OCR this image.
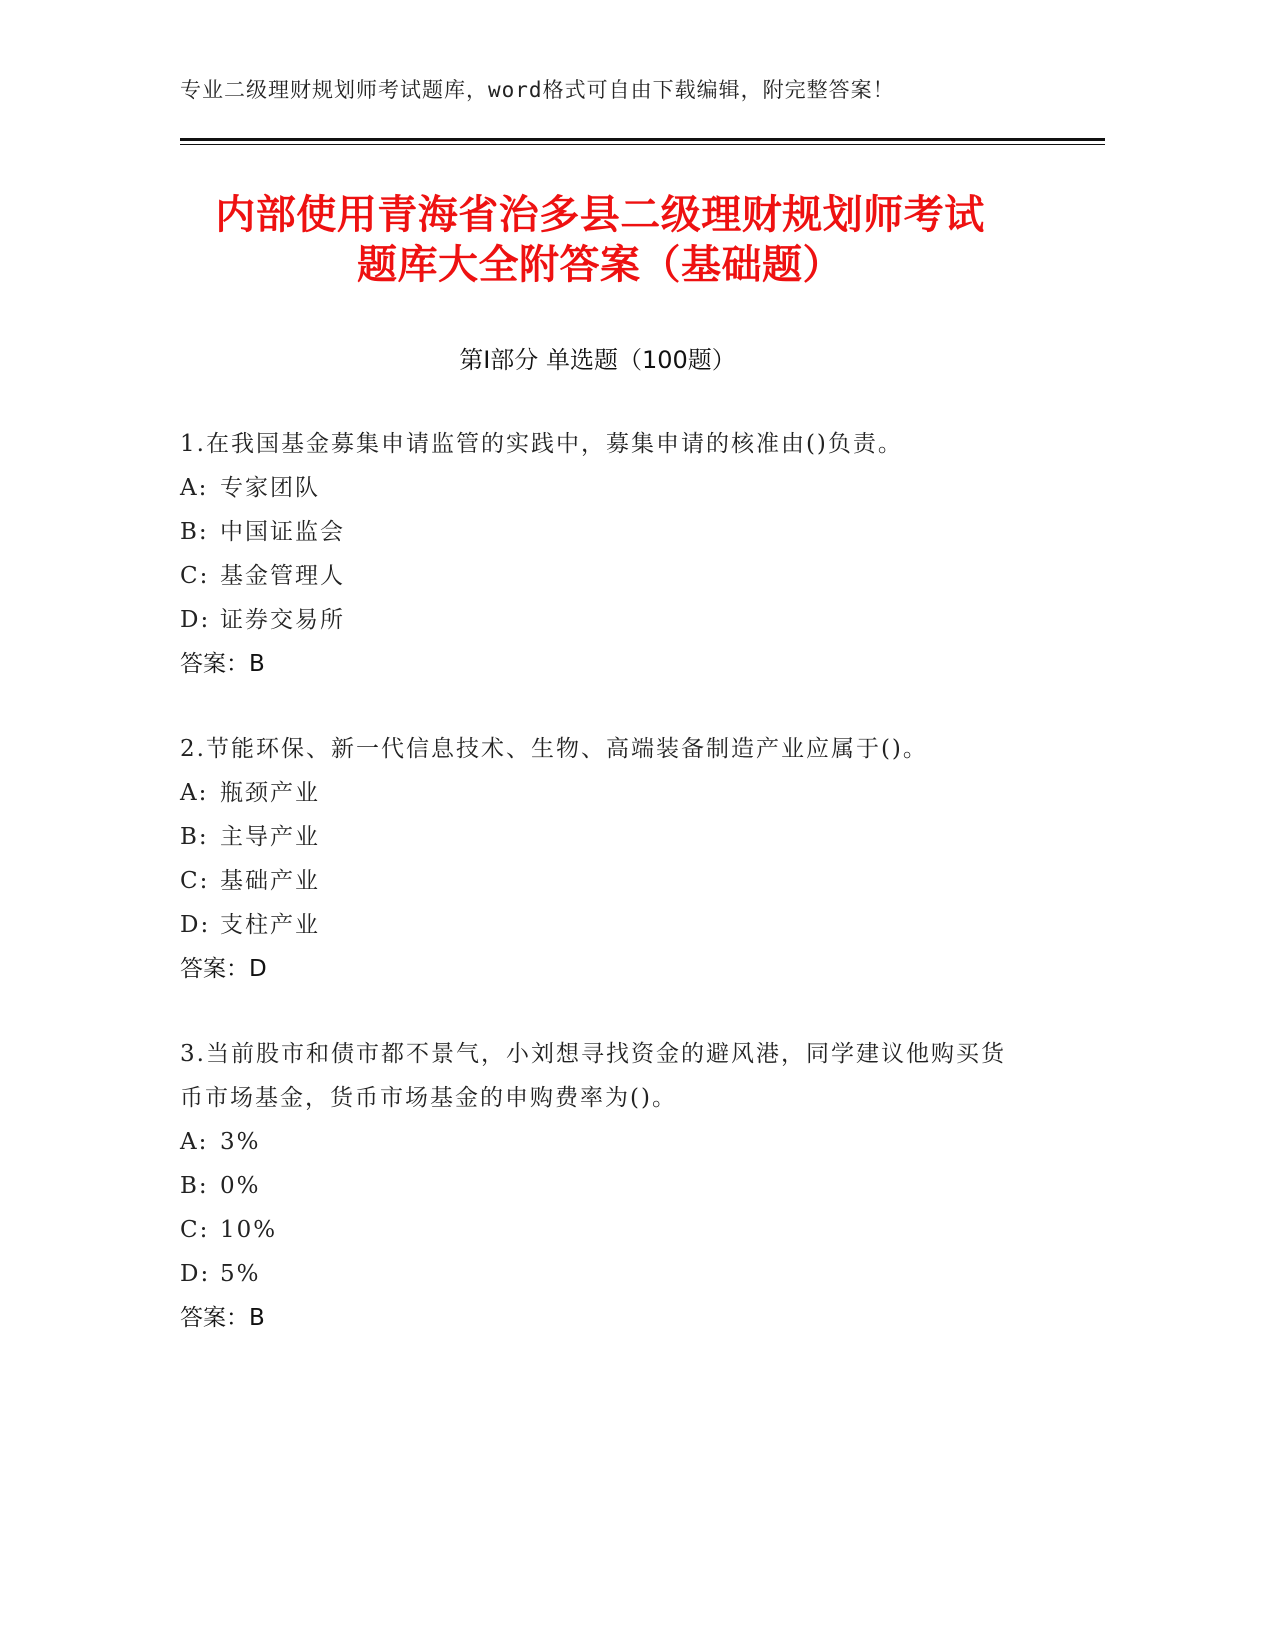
专业二级理财规划师考试题库，word格式可自由下载编辑，附完整答案！
内部使用青海省治多县二级理财规划师考试
题库大全附答案（基础题）
第Ⅰ部分 单选题（100题）

1.在我国基金募集申请监管的实践中，募集申请的核准由()负责。

A: 专家团队

B: 中国证监会

C: 基金管理人

D: 证券交易所

答案：B

2.节能环保、新一代信息技术、生物、高端装备制造产业应属于()。

A: 瓶颈产业

B: 主导产业

C: 基础产业

D: 支柱产业

答案：D

3.当前股市和债市都不景气，小刘想寻找资金的避风港，同学建议他购买货币市场基金，货币市场基金的申购费率为()。

A: 3%

B: 0%

C: 10%

D: 5%

答案：B
